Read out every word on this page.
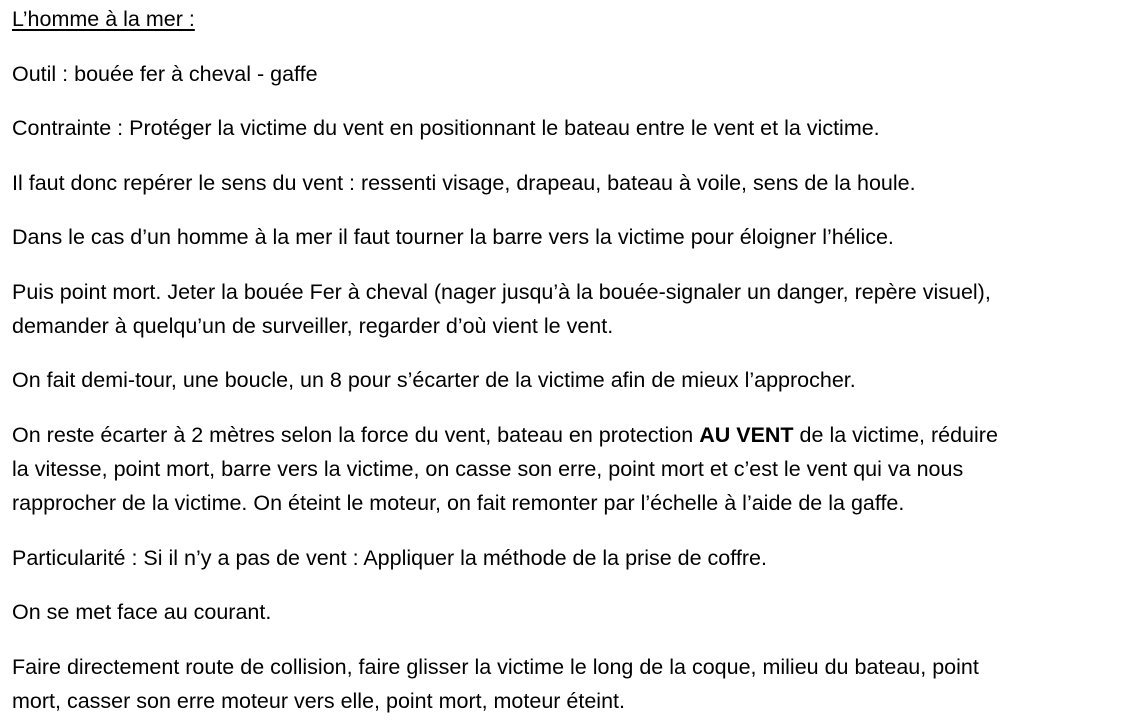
L’homme à la mer :

Outil : bouée fer à cheval - gaffe

Contrainte : Protéger la victime du vent en positionnant le bateau entre le vent et la victime.

Il faut donc repérer le sens du vent : ressenti visage, drapeau, bateau à voile, sens de la houle.

Dans le cas d’un homme à la mer il faut tourner la barre vers la victime pour éloigner l’hélice.

Puis point mort. Jeter la bouée Fer à cheval (nager jusqu’à la bouée-signaler un danger, repère visuel),

demander à quelqu’un de surveiller, regarder d’où vient le vent.

On fait demi-tour, une boucle, un 8 pour s’écarter de la victime afin de mieux l’approcher.

On reste écarter à 2 mètres selon la force du vent, bateau en protection AU VENT de la victime, réduire

la vitesse, point mort, barre vers la victime, on casse son erre, point mort et c’est le vent qui va nous

rapprocher de la victime. On éteint le moteur, on fait remonter par l’échelle à l’aide de la gaffe.

Particularité : Si il n’y a pas de vent : Appliquer la méthode de la prise de coffre.

On se met face au courant.

Faire directement route de collision, faire glisser la victime le long de la coque, milieu du bateau, point

mort, casser son erre moteur vers elle, point mort, moteur éteint.
